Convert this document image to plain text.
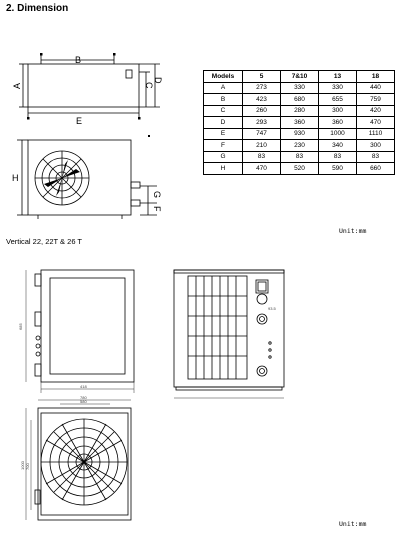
2. Dimension
Vertical 22, 22T & 26 T
Unit:mm
Unit:mm
B
A	C
D
E
H
G
F
685
418
93.5
780
580
1000 700
Models	5	7&10	13	18
A	273	330	330	440
B	423	680	655	759
C	260	280	300	420
D	293	360	360	470
E	747	930	1000	1110
F	210	230	340	300
G	83	83	83	83
H	470	520	590	660
